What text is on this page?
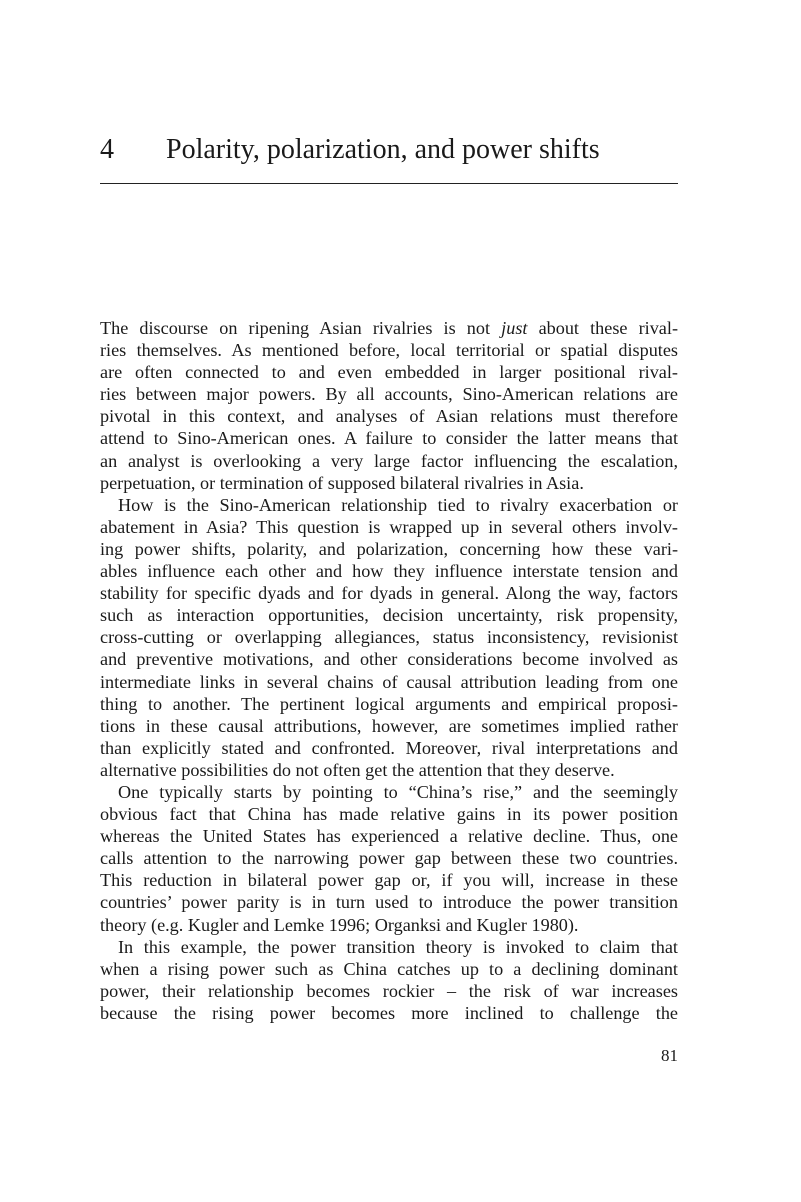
4 Polarity, polarization, and power shifts
The discourse on ripening Asian rivalries is not just about these rival-
ries themselves. As mentioned before, local territorial or spatial disputes
are often connected to and even embedded in larger positional rival-
ries between major powers. By all accounts, Sino-American relations are
pivotal in this context, and analyses of Asian relations must therefore
attend to Sino-American ones. A failure to consider the latter means that
an analyst is overlooking a very large factor influencing the escalation,
perpetuation, or termination of supposed bilateral rivalries in Asia.
How is the Sino-American relationship tied to rivalry exacerbation or
abatement in Asia? This question is wrapped up in several others involv-
ing power shifts, polarity, and polarization, concerning how these vari-
ables influence each other and how they influence interstate tension and
stability for specific dyads and for dyads in general. Along the way, factors
such as interaction opportunities, decision uncertainty, risk propensity,
cross-cutting or overlapping allegiances, status inconsistency, revisionist
and preventive motivations, and other considerations become involved as
intermediate links in several chains of causal attribution leading from one
thing to another. The pertinent logical arguments and empirical proposi-
tions in these causal attributions, however, are sometimes implied rather
than explicitly stated and confronted. Moreover, rival interpretations and
alternative possibilities do not often get the attention that they deserve.
One typically starts by pointing to “China’s rise,” and the seemingly
obvious fact that China has made relative gains in its power position
whereas the United States has experienced a relative decline. Thus, one
calls attention to the narrowing power gap between these two countries.
This reduction in bilateral power gap or, if you will, increase in these
countries’ power parity is in turn used to introduce the power transition
theory (e.g. Kugler and Lemke 1996; Organksi and Kugler 1980).
In this example, the power transition theory is invoked to claim that
when a rising power such as China catches up to a declining dominant
power, their relationship becomes rockier – the risk of war increases
because the rising power becomes more inclined to challenge the
81
